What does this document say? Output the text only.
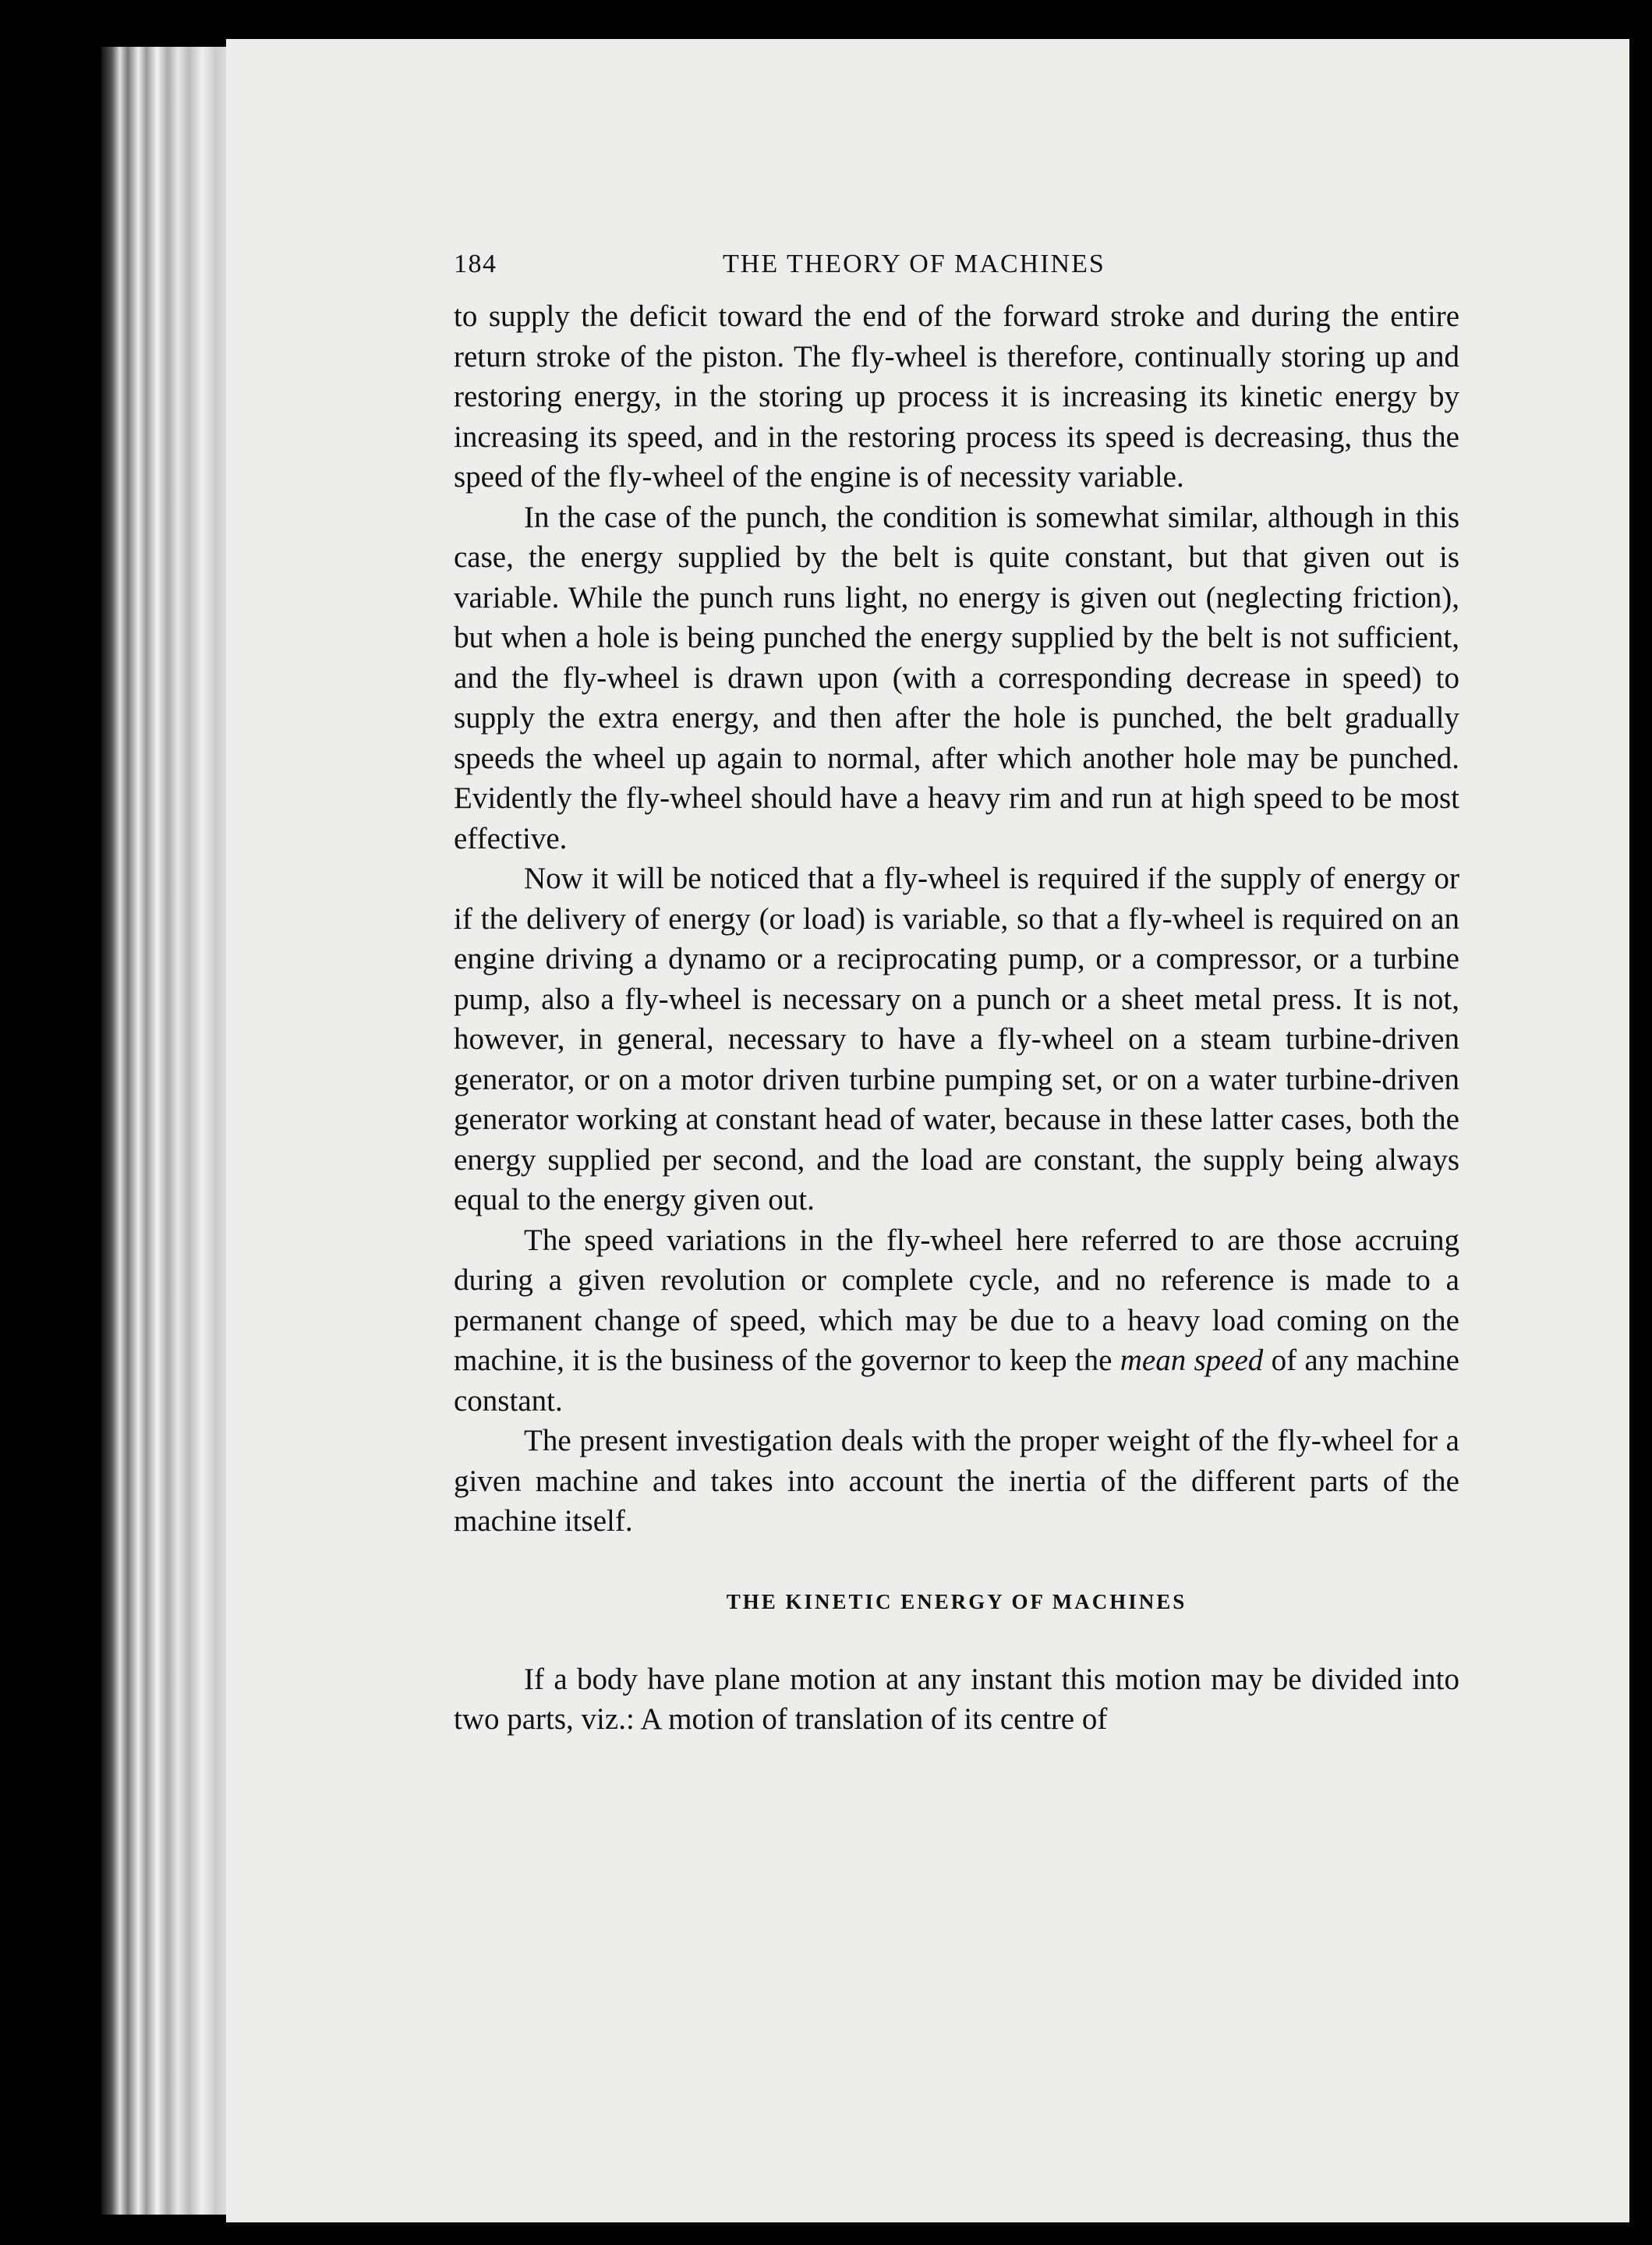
184	THE THEORY OF MACHINES

to supply the deficit toward the end of the forward stroke and during the entire return stroke of the piston. The fly-wheel is therefore, continually storing up and restoring energy, in the storing up process it is increasing its kinetic energy by increasing its speed, and in the restoring process its speed is decreasing, thus the speed of the fly-wheel of the engine is of necessity variable.

In the case of the punch, the condition is somewhat similar, although in this case, the energy supplied by the belt is quite constant, but that given out is variable. While the punch runs light, no energy is given out (neglecting friction), but when a hole is being punched the energy supplied by the belt is not sufficient, and the fly-wheel is drawn upon (with a corresponding decrease in speed) to supply the extra energy, and then after the hole is punched, the belt gradually speeds the wheel up again to normal, after which another hole may be punched. Evidently the fly-wheel should have a heavy rim and run at high speed to be most effective.

Now it will be noticed that a fly-wheel is required if the supply of energy or if the delivery of energy (or load) is variable, so that a fly-wheel is required on an engine driving a dynamo or a reciprocating pump, or a compressor, or a turbine pump, also a fly-wheel is necessary on a punch or a sheet metal press. It is not, however, in general, necessary to have a fly-wheel on a steam turbine-driven generator, or on a motor driven turbine pumping set, or on a water turbine-driven generator working at constant head of water, because in these latter cases, both the energy supplied per second, and the load are constant, the supply being always equal to the energy given out.

The speed variations in the fly-wheel here referred to are those accruing during a given revolution or complete cycle, and no reference is made to a permanent change of speed, which may be due to a heavy load coming on the machine, it is the business of the governor to keep the mean speed of any machine constant.

The present investigation deals with the proper weight of the fly-wheel for a given machine and takes into account the inertia of the different parts of the machine itself.

THE KINETIC ENERGY OF MACHINES

If a body have plane motion at any instant this motion may be divided into two parts, viz.: A motion of translation of its centre of
